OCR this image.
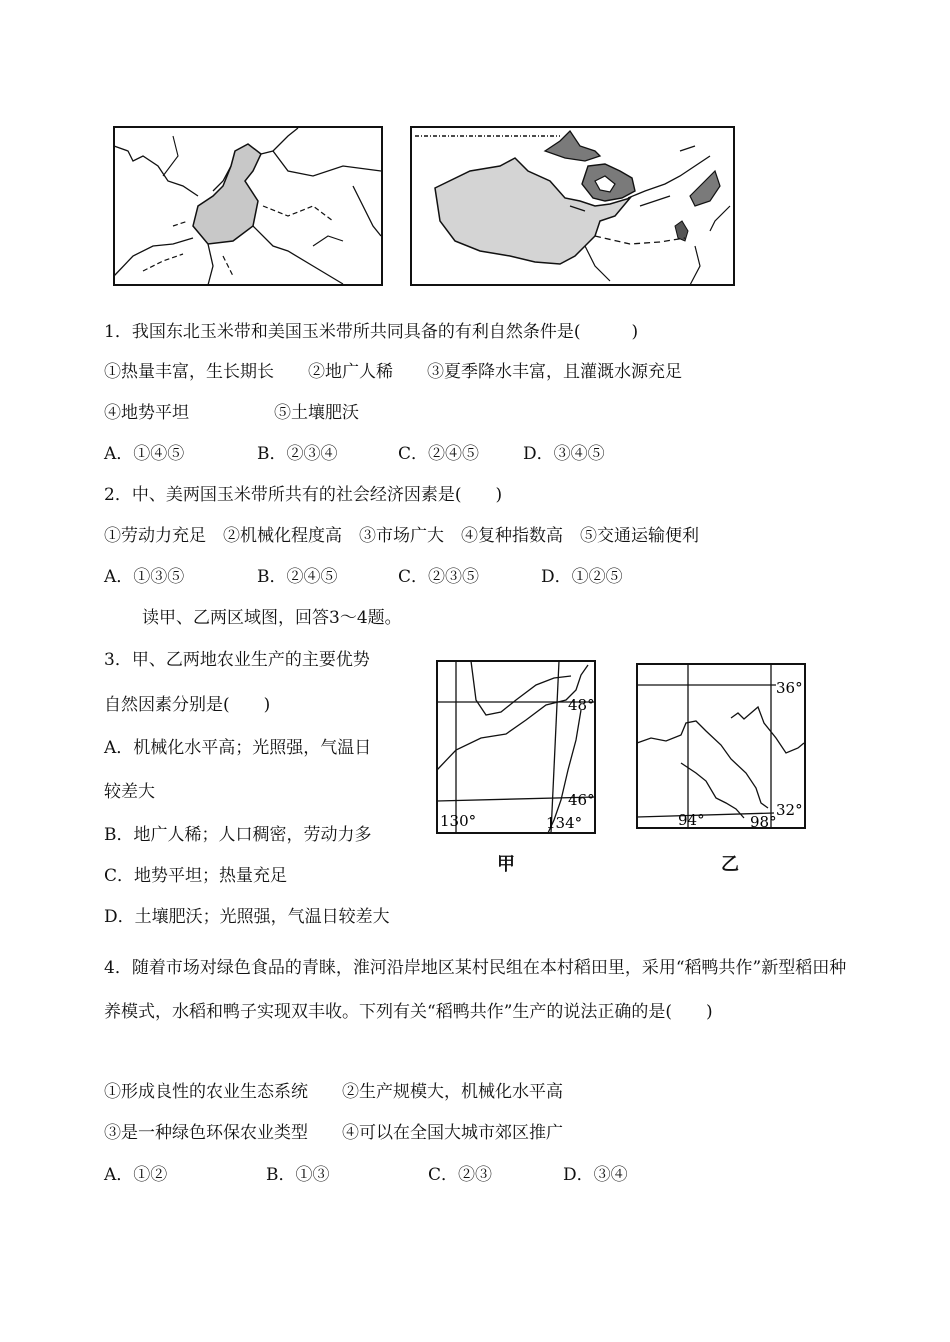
1．我国东北玉米带和美国玉米带所共同具备的有利自然条件是(　　　)
①热量丰富，生长期长　　②地广人稀　　③夏季降水丰富，且灌溉水源充足
④地势平坦　　　　　⑤土壤肥沃
A．①④⑤	B．②③④	C．②④⑤	D．③④⑤
2．中、美两国玉米带所共有的社会经济因素是(　　)
①劳动力充足　②机械化程度高　③市场广大　④复种指数高　⑤交通运输便利
A．①③⑤	B．②④⑤	C．②③⑤	D．①②⑤
读甲、乙两区域图，回答3～4题。
3．甲、乙两地农业生产的主要优势
自然因素分别是(　　)
A．机械化水平高；光照强，气温日
较差大
B．地广人稀；人口稠密，劳动力多
C．地势平坦；热量充足
D．土壤肥沃；光照强，气温日较差大
48°
46°
130°	134°
甲
36°
32°
94°	98°
乙
4．随着市场对绿色食品的青睐，淮河沿岸地区某村民组在本村稻田里，采用“稻鸭共作”新型稻田种养模式，水稻和鸭子实现双丰收。下列有关“稻鸭共作”生产的说法正确的是(　　)
①形成良性的农业生态系统　　②生产规模大，机械化水平高
③是一种绿色环保农业类型　　④可以在全国大城市郊区推广
A．①②	B．①③	C．②③	D．③④
